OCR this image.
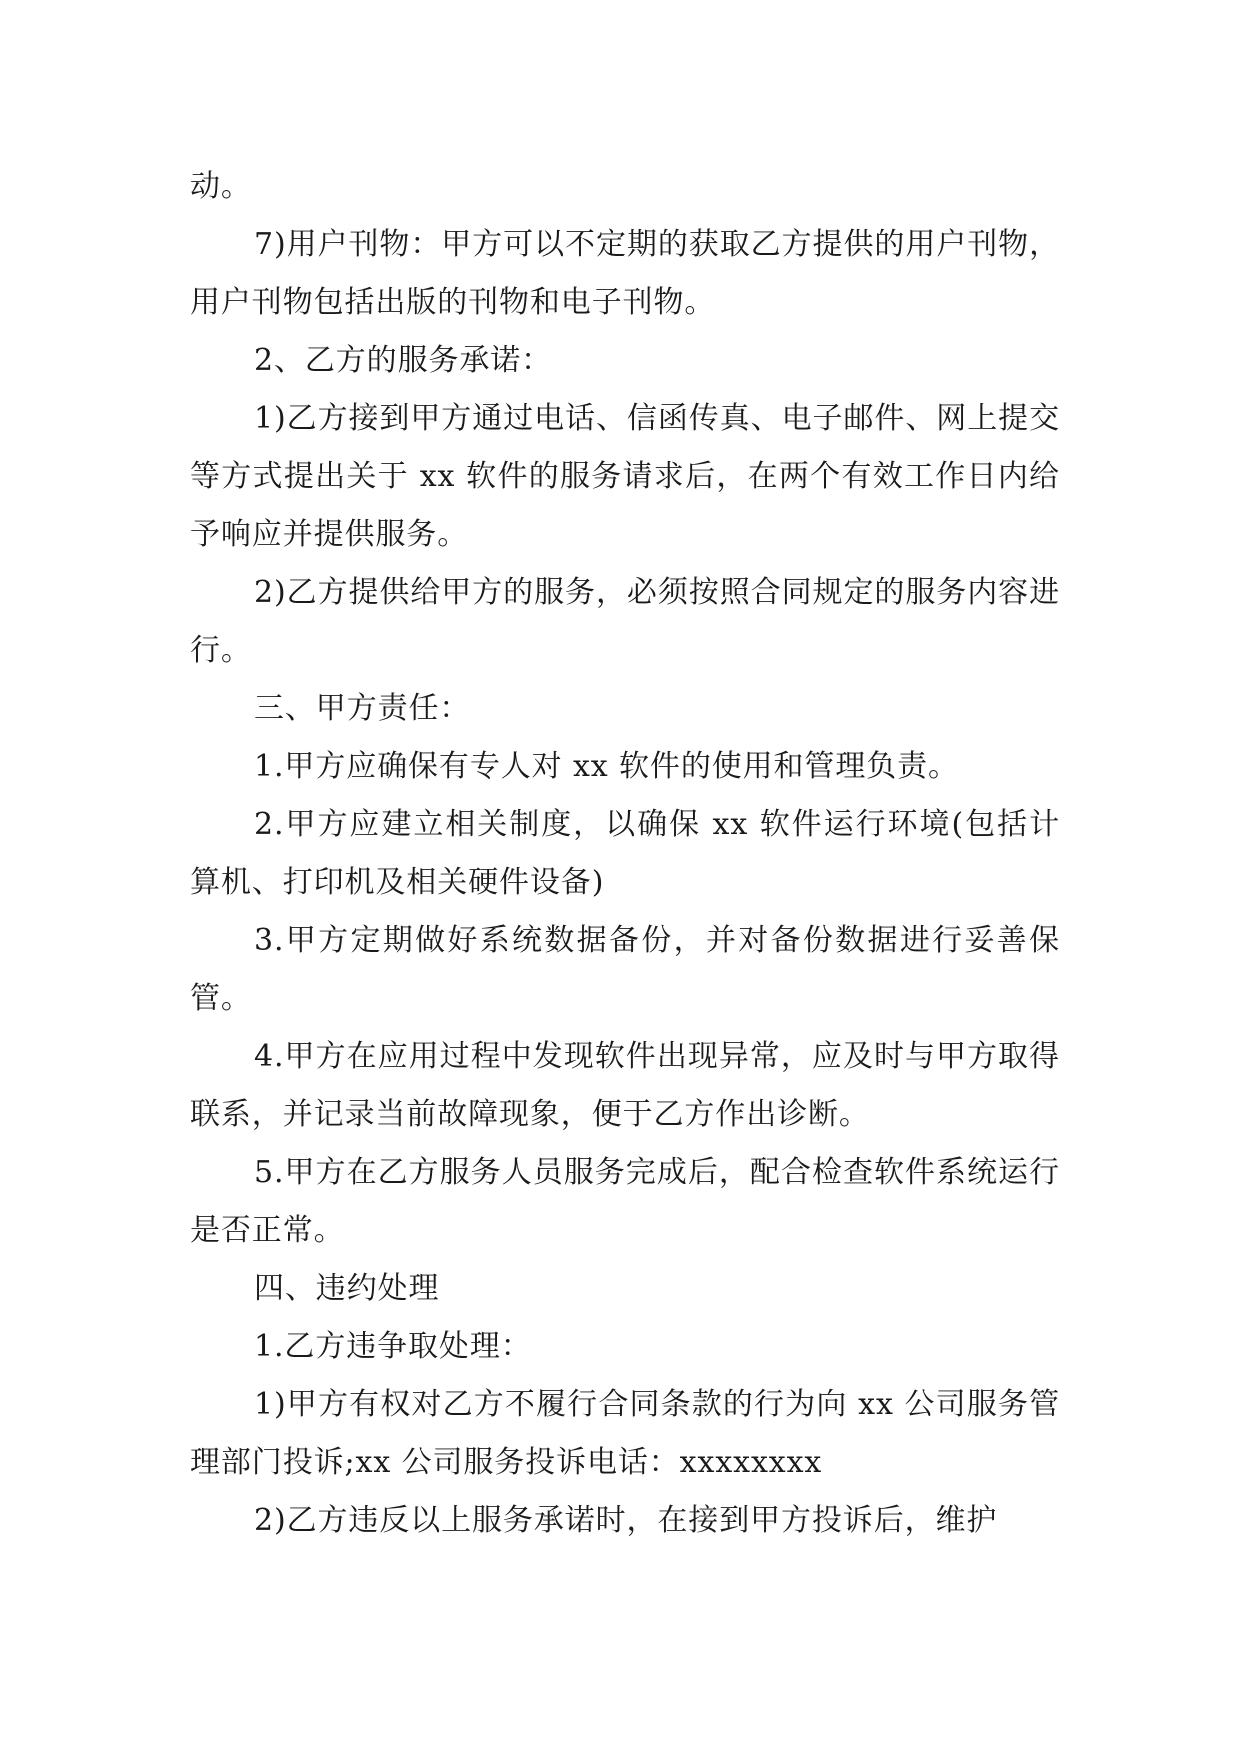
动。

7)用户刊物：甲方可以不定期的获取乙方提供的用户刊物，用户刊物包括出版的刊物和电子刊物。

2、乙方的服务承诺：

1)乙方接到甲方通过电话、信函传真、电子邮件、网上提交等方式提出关于 xx 软件的服务请求后，在两个有效工作日内给予响应并提供服务。

2)乙方提供给甲方的服务，必须按照合同规定的服务内容进行。

三、甲方责任：

1.甲方应确保有专人对 xx 软件的使用和管理负责。

2.甲方应建立相关制度，以确保 xx 软件运行环境(包括计算机、打印机及相关硬件设备)

3.甲方定期做好系统数据备份，并对备份数据进行妥善保管。

4.甲方在应用过程中发现软件出现异常，应及时与甲方取得联系，并记录当前故障现象，便于乙方作出诊断。

5.甲方在乙方服务人员服务完成后，配合检查软件系统运行是否正常。

四、违约处理

1.乙方违争取处理：

1)甲方有权对乙方不履行合同条款的行为向 xx 公司服务管理部门投诉;xx 公司服务投诉电话：xxxxxxxx

2)乙方违反以上服务承诺时，在接到甲方投诉后，维护
